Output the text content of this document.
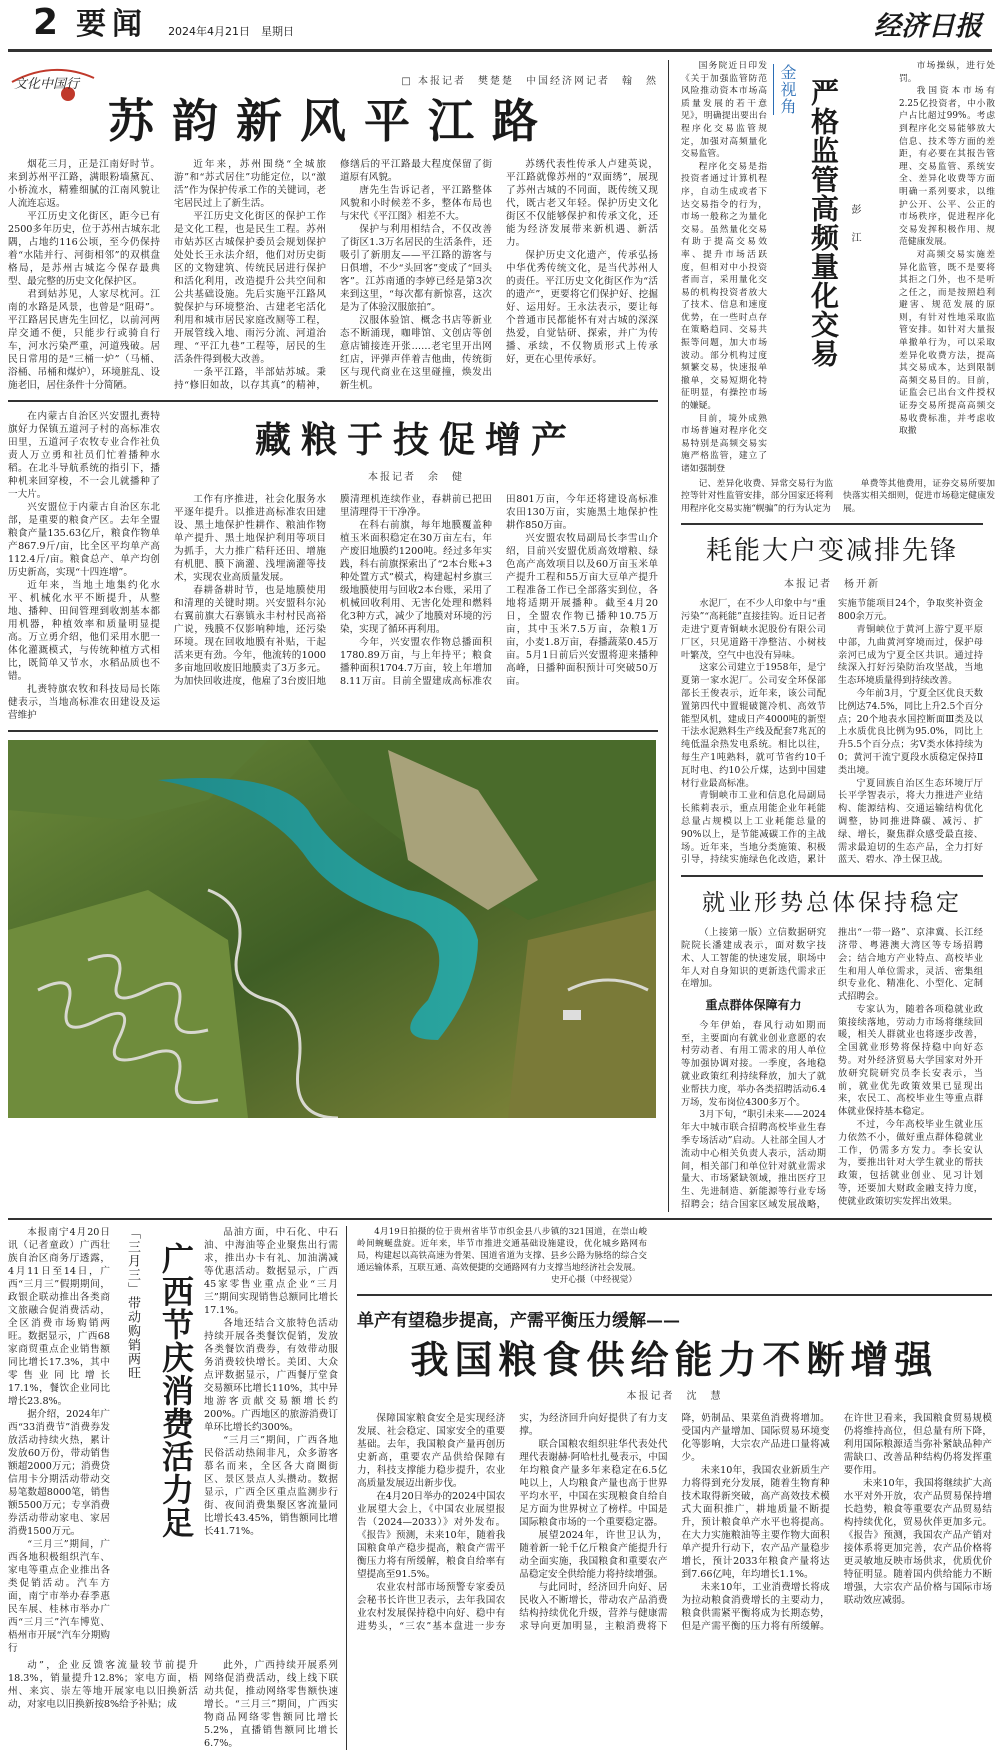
2 要闻 2024年4月21日　星期日	经济日报
文化中国行	□ 本报记者　樊楚楚　中国经济网记者　翰　然
苏韵新风平江路

烟花三月，正是江南好时节。来到苏州平江路，满眼粉墙黛瓦、小桥流水，精雅细腻的江南风貌让人流连忘返。

平江历史文化街区，距今已有2500多年历史，位于苏州古城东北隅，占地约116公顷，至今仍保持着“水陆并行、河街相邻”的双棋盘格局，是苏州古城迄今保存最典型、最完整的历史文化保护区。

君到姑苏见，人家尽枕河。江南的水路是风景，也曾是“阻碍”。平江路居民唐先生回忆，以前河两岸交通不便，只能步行或骑自行车，河水污染严重，河道残破。居民日常用的是“三桶一炉”（马桶、浴桶、吊桶和煤炉），环境脏乱、设施老旧，居住条件十分简陋。

近年来，苏州围绕“全城旅游”和“苏式居住”功能定位，以“激活”作为保护传承工作的关键词，老宅居民过上了新生活。

平江历史文化街区的保护工作是文化工程，也是民生工程。苏州市姑苏区古城保护委员会规划保护处处长王永法介绍，他们对历史街区的文物建筑、传统民居进行保护和活化利用，改造提升公共空间和公共基础设施。先后实施平江路风貌保护与环境整治、古建老宅活化利用和城市居民家庭改厕等工程，开展管线入地、雨污分流、河道治理、“平江九巷”工程等，居民的生活条件得到极大改善。

一条平江路，半部姑苏城。秉持“修旧如故，以存其真”的精神，修缮后的平江路最大程度保留了街道原有风貌。

唐先生告诉记者，平江路整体风貌和小时候差不多，整体布局也与宋代《平江图》相差不大。

保护与利用相结合，不仅改善了街区1.3万名居民的生活条件，还吸引了新朋友——平江路的游客与日俱增，不少“头回客”变成了“回头客”。江苏南通的李婷已经是第3次来到这里，“每次都有新惊喜，这次是为了体验汉服旅拍”。

汉服体验馆、概念书店等新业态不断涌现，咖啡馆、文创店等创意店铺接连开张……老宅里开出网红店，评弹声伴着吉他曲，传统街区与现代商业在这里碰撞，焕发出新生机。

苏绣代表性传承人卢建英说，平江路就像苏州的“双面绣”，展现了苏州古城的不同面，既传统又现代，既古老又年轻。保护历史文化街区不仅能够保护和传承文化，还能为经济发展带来新机遇、新活力。

保护历史文化遗产，传承弘扬中华优秀传统文化，是当代苏州人的责任。平江历史文化街区作为“活的遗产”，更要将它们保护好、挖掘好、运用好。王永法表示，要让每个普通市民都能怀有对古城的深深热爱，自觉钻研、探索，并广为传播、承续，不仅物质形式上传承好，更在心里传承好。

在内蒙古自治区兴安盟扎赉特旗好力保镇五道河子村的高标准农田里，五道河子农牧专业合作社负责人万立勇和社员们忙着播种水稻。在北斗导航系统的指引下，播种机来回穿梭，不一会儿就播种了一大片。

兴安盟位于内蒙古自治区东北部，是重要的粮食产区。去年全盟粮食产量135.63亿斤，粮食作物单产867.9斤/亩，比全区平均单产高112.4斤/亩。粮食总产、单产均创历史新高，实现“十四连增”。

近年来，当地土地集约化水平、机械化水平不断提升，从整地、播种、田间管理到收割基本都用机器，种植效率和质量明显提高。万立勇介绍，他们采用水肥一体化灌溉模式，与传统种植方式相比，既简单又节水，水稻品质也不错。

扎赉特旗农牧和科技局局长陈健表示，当地高标准农田建设及运营维护

藏粮于技促增产
本报记者　余　健

工作有序推进，社会化服务水平逐年提升。以推进高标准农田建设、黑土地保护性耕作、粮油作物单产提升、黑土地保护利用等项目为抓手，大力推广秸秆还田、增施有机肥、膜下滴灌、浅埋滴灌等技术，实现农业高质量发展。

春耕备耕时节，也是地膜使用和清理的关键时期。兴安盟科尔沁右翼前旗大石寨镇永丰村村民高裕广说，残膜不仅影响种地，还污染环境。现在回收地膜有补贴，干起活来更有劲。今年，他流转的1000多亩地回收废旧地膜卖了3万多元。为加快回收进度，他雇了3台废旧地膜清理机连续作业，春耕前已把田里清理得干干净净。

在科右前旗，每年地膜覆盖种植玉米面积稳定在30万亩左右，年产废旧地膜约1200吨。经过多年实践，科右前旗探索出了“2本台账+3种处置方式”模式，构建起村乡旗三级地膜使用与回收2本台账，采用了机械回收利用、无害化处理和燃料化3种方式，减少了地膜对环境的污染，实现了循环再利用。

今年，兴安盟农作物总播面积1780.89万亩，与上年持平；粮食播种面积1704.7万亩，较上年增加8.11万亩。目前全盟建成高标准农田801万亩，今年还将建设高标准农田130万亩，实施黑土地保护性耕作850万亩。

兴安盟农牧局副局长李雪山介绍，目前兴安盟优质高效增粮、绿色高产高效项目以及60万亩玉米单产提升工程和55万亩大豆单产提升工程准备工作已全部落实到位，各地将适期开展播种。截至4月20日，全盟农作物已播种10.75万亩，其中玉米7.5万亩，杂粮1万亩，小麦1.8万亩，春播蔬菜0.45万亩。5月1日前后兴安盟将迎来播种高峰，日播种面积预计可突破50万亩。

国务院近日印发《关于加强监管防范风险推动资本市场高质量发展的若干意见》，明确提出要出台程序化交易监管规定，加强对高频量化交易监管。

程序化交易是指投资者通过计算机程序，自动生成或者下达交易指令的行为，市场一般称之为量化交易。虽然量化交易有助于提高交易效率、提升市场活跃度，但相对中小投资者而言，采用量化交易的机构投资者放大了技术、信息和速度优势，在一些时点存在策略趋同、交易共振等问题，加大市场波动。部分机构过度频繁交易，快速报单撤单，交易短期化特征明显，有操控市场的嫌疑。

目前，境外成熟市场普遍对程序化交易特别是高频交易实施严格监管，建立了诸如强制登

金视角 严格监管高频量化交易 彭江

市场操纵，进行处罚。

我国资本市场有2.25亿投资者，中小散户占比超过99%。考虑到程序化交易能够放大信息、技术等方面的差距，有必要在其报告管理、交易监管、系统安全、差异化收费等方面明确一系列要求，以维护公开、公平、公正的市场秩序，促进程序化交易发挥积极作用、规范健康发展。

对高频交易实施差异化监管，既不是要将其拒之门外，也不是听之任之，而是按照趋利避害、规范发展的原则，有针对性地采取监管安排。如针对大量报单撤单行为，可以采取差异化收费方法，提高其交易成本，达到限制高频交易目的。目前，证监会已出台文件授权证券交易所提高高频交易收费标准，并考虑收取撤

记、差异化收费、异常交易行为监控等针对性监管安排，部分国家还将利用程序化交易实施“幌骗”的行为认定为

单费等其他费用，证券交易所要加快落实相关细则，促进市场稳定健康发展。

耗能大户变减排先锋
本报记者　杨开新

水泥厂，在不少人印象中与“重污染”“高耗能”直接挂钩。近日记者走进宁夏青铜峡水泥股份有限公司厂区，只见道路干净整洁、小树枝叶繁茂，空气中也没有异味。

这家公司建立于1958年，是宁夏第一家水泥厂。公司安全环保部部长王俊表示，近年来，该公司配置第四代中置辊破篦冷机、高效节能型风机，建成日产4000吨的新型干法水泥熟料生产线及配套7兆瓦的纯低温余热发电系统。相比以往，每生产1吨熟料，就可节省约10千瓦时电、约10公斤煤，达到中国建材行业最高标准。

青铜峡市工业和信息化局副局长熊莉表示，重点用能企业年耗能总量占规模以上工业耗能总量的90%以上，是节能减碳工作的主战场。近年来，当地分类施策、积极引导，持续实施绿色化改造，累计实施节能项目24个，争取奖补资金800余万元。

青铜峡位于黄河上游宁夏平原中部，九曲黄河穿境而过，保护母亲河已成为宁夏全区共识。通过持续深入打好污染防治攻坚战，当地生态环境质量得到持续改善。

今年前3月，宁夏全区优良天数比例达74.5%，同比上升2.5个百分点；20个地表水国控断面Ⅲ类及以上水质优良比例为95.0%，同比上升5.5个百分点；劣Ⅴ类水体持续为0；黄河干流宁夏段水质稳定保持Ⅱ类出境。

宁夏回族自治区生态环境厅厅长平学智表示，将大力推进产业结构、能源结构、交通运输结构优化调整，协同推进降碳、减污、扩绿、增长，聚焦群众感受最直接、需求最迫切的生态产品，全力打好蓝天、碧水、净土保卫战。

就业形势总体保持稳定

（上接第一版）立信数据研究院院长潘建成表示，面对数字技术、人工智能的快速发展，职场中年人对自身知识的更新迭代需求正在增加。

重点群体保障有力

今年伊始，春风行动如期而至，主要面向有就业创业意愿的农村劳动者、有用工需求的用人单位等加强协调对接。一季度，各地稳就业政策红利持续释放，加大了就业帮扶力度，举办各类招聘活动6.4万场，发布岗位4300多万个。

3月下旬，“职引未来——2024年大中城市联合招聘高校毕业生春季专场活动”启动。人社部全国人才流动中心相关负责人表示，活动期间，相关部门和单位针对就业需求量大、市场紧缺领域，推出医疗卫生、先进制造、新能源等行业专场招聘会；结合国家区域发展战略，推出“一带一路”、京津冀、长江经济带、粤港澳大湾区等专场招聘会；结合地方产业特点、高校毕业生和用人单位需求，灵活、密集组织专业化、精准化、小型化、定制式招聘会。

专家认为，随着各项稳就业政策接续落地，劳动力市场将继续回暖，相关人群就业也将逐步改善，全国就业形势将保持稳中向好态势。对外经济贸易大学国家对外开放研究院研究员李长安表示，当前，就业优先政策效果已显现出来，农民工、高校毕业生等重点群体就业保持基本稳定。

不过，今年高校毕业生就业压力依然不小，做好重点群体稳就业工作，仍需多方发力。李长安认为，要推出针对大学生就业的帮扶政策，包括就业创业、见习计划等，还要加大财政金融支持力度，使就业政策切实发挥出效果。

本报南宁4月20日讯（记者童政）广西壮族自治区商务厅透露，4月11日至14日，广西“三月三”假期期间，政银企联动推出各类商文旅融合促消费活动，全区消费市场购销两旺。数据显示，广西68家商贸重点企业销售额同比增长17.3%，其中零售业同比增长17.1%，餐饮企业同比增长23.8%。

据介绍，2024年广西“33消费节”消费券发放活动持续火热，累计发放60万份，带动销售额超2000万元；消费贷信用卡分期活动带动交易笔数超8000笔，销售额5500万元；专享消费券活动带动家电、家居消费1500万元。

“三月三”期间，广西各地积极组织汽车、家电等重点企业推出各类促销活动。汽车方面，南宁市举办春季惠民车展、桂林市举办广西“三月三”汽车博览、梧州市开展“汽车分期购行

「三月三」带动购销两旺 广西节庆消费活力足

品油方面，中石化、中石油、中海油等企业聚焦出行需求，推出办卡有礼、加油满减等优惠活动。数据显示，广西45家零售业重点企业“三月三”期间实现销售总额同比增长17.1%。

各地还结合文旅特色活动持续开展各类餐饮促销，发放各类餐饮消费券，有效带动服务消费较快增长。美团、大众点评数据显示，广西餐厅堂食交易额环比增长110%，其中异地游客贡献交易额增长约200%。广西地区的旅游消费订单环比增长约300%。

“三月三”期间，广西各地民俗活动热闹非凡，众多游客慕名而来，全区各大商圈街区、景区景点人头攒动。数据显示，广西全区重点监测步行街、夜间消费集聚区客流量同比增长43.45%，销售额同比增长41.71%。

动”，企业反馈客流量较节前提升18.3%，销量提升12.8%；家电方面，梧州、来宾、崇左等地开展家电以旧换新活动，对家电以旧换新按8%给予补贴；成

此外，广西持续开展系列网络促消费活动，线上线下联动共促，推动网络零售额快速增长。“三月三”期间，广西实物商品网络零售额同比增长5.2%，直播销售额同比增长6.7%。

4月19日拍摄的位于贵州省毕节市织金县八步镇的321国道，在崇山峻岭间蜿蜒盘旋。近年来，毕节市推进交通基础设施建设，优化城乡路网布局，构建起以高铁高速为骨架、国道省道为支撑、县乡公路为脉络的综合交通运输体系，互联互通、高效便捷的交通路网有力支撑当地经济社会发展。

史开心摄（中经视觉）
单产有望稳步提高，产需平衡压力缓解——
我国粮食供给能力不断增强
本报记者　沈　慧

保障国家粮食安全是实现经济发展、社会稳定、国家安全的重要基础。去年，我国粮食产量再创历史新高，重要农产品供给保障有力，科技支撑能力稳步提升，农业高质量发展迈出新步伐。

在4月20日举办的2024中国农业展望大会上，《中国农业展望报告（2024—2033）》对外发布。《报告》预测，未来10年，随着我国粮食单产稳步提高，粮食产需平衡压力将有所缓解，粮食自给率有望提高至91.5%。

农业农村部市场预警专家委员会秘书长许世卫表示，去年我国农业农村发展保持稳中向好、稳中有进势头，“三农”基本盘进一步夯实，为经济回升向好提供了有力支撑。

联合国粮农组织驻华代表处代理代表谢赫·阿哈杜扎曼表示，中国年均粮食产量多年来稳定在6.5亿吨以上，人均粮食产量也高于世界平均水平，中国在实现粮食自给自足方面为世界树立了榜样。中国是国际粮食市场的一个重要稳定器。

展望2024年，许世卫认为，随着新一轮千亿斤粮食产能提升行动全面实施，我国粮食和重要农产品稳定安全供给能力将持续增强。

与此同时，经济回升向好、居民收入不断增长，带动农产品消费结构持续优化升级，营养与健康需求导向更加明显，主粮消费将下降，奶制品、果菜鱼消费将增加。受国内产量增加、国际贸易环境变化等影响，大宗农产品进口量将减少。

未来10年，我国农业新质生产力将得到充分发展，随着生物育种技术取得新突破，高产高效技术模式大面积推广，耕地质量不断提升，预计粮食单产水平也将提高。在大力实施粮油等主要作物大面积单产提升行动下，农产品产量稳步增长，预计2033年粮食产量将达到7.66亿吨，年均增长1.1%。

未来10年，工业消费增长将成为拉动粮食消费增长的主要动力，粮食供需紧平衡将成为长期态势，但是产需平衡的压力将有所缓解。在许世卫看来，我国粮食贸易规模仍将维持高位，但总量有所下降，利用国际粮源适当弥补紧缺品种产需缺口、改善品种结构仍将发挥重要作用。

未来10年，我国将继续扩大高水平对外开放，农产品贸易保持增长趋势，粮食等重要农产品贸易结构持续优化，贸易伙伴更加多元。《报告》预测，我国农产品产销对接体系将更加完善，农产品价格将更灵敏地反映市场供求，优质优价特征明显。随着国内供给能力不断增强，大宗农产品价格与国际市场联动效应减弱。
